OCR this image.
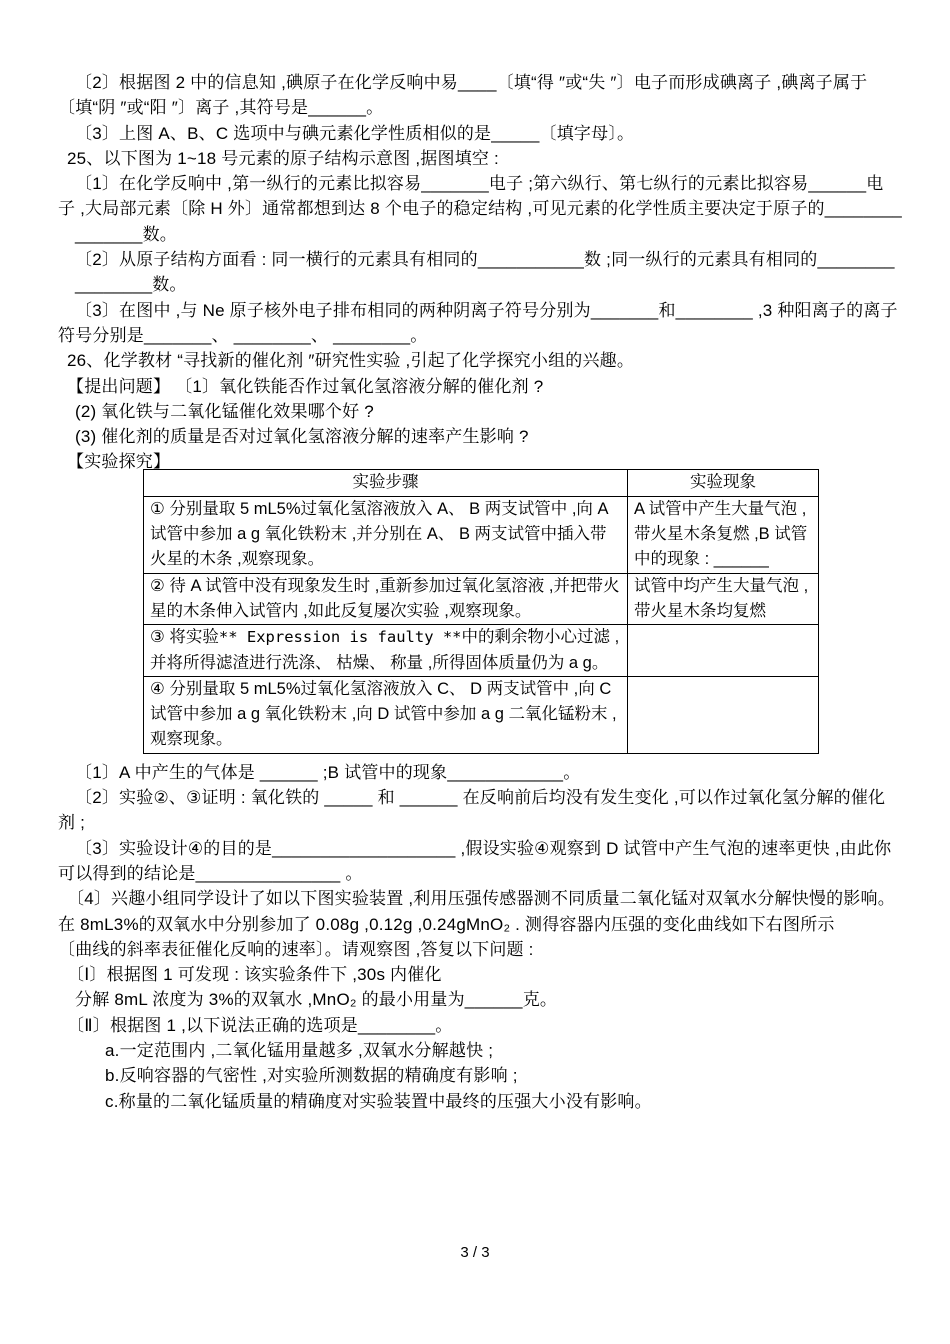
〔2〕根据图 2 中的信息知 ,碘原子在化学反响中易____〔填“得 ″或“失 ″〕电子而形成碘离子 ,碘离子属于
〔填“阴 ″或“阳 ″〕离子 ,其符号是______。
〔3〕上图 A、B、C 选项中与碘元素化学性质相似的是_____〔填字母〕。
25、以下图为 1~18 号元素的原子结构示意图 ,据图填空 :
〔1〕在化学反响中 ,第一纵行的元素比拟容易_______电子 ;第六纵行、第七纵行的元素比拟容易______电
子 ,大局部元素〔除 H 外〕通常都想到达 8 个电子的稳定结构 ,可见元素的化学性质主要决定于原子的________
_______数。
〔2〕从原子结构方面看 : 同一横行的元素具有相同的___________数 ;同一纵行的元素具有相同的________
________数。
〔3〕在图中 ,与 Ne 原子核外电子排布相同的两种阴离子符号分别为_______和________ ,3 种阳离子的离子
符号分别是_______、 ________、 ________。
26、化学教材 “寻找新的催化剂 ″研究性实验 ,引起了化学探究小组的兴趣。
【提出问题】 〔1〕氧化铁能否作过氧化氢溶液分解的催化剂 ?
(2) 氧化铁与二氧化锰催化效果哪个好 ?
(3) 催化剂的质量是否对过氧化氢溶液分解的速率产生影响 ?
【实验探究】
实验步骤	实验现象
① 分别量取 5 mL5%过氧化氢溶液放入 A、 B 两支试管中 ,向 A 试管中参加 a g 氧化铁粉末 ,并分别在 A、 B 两支试管中插入带火星的木条 ,观察现象。	A 试管中产生大量气泡 ,带火星木条复燃 ,B 试管中的现象 : ______
② 待 A 试管中没有现象发生时 ,重新参加过氧化氢溶液 ,并把带火星的木条伸入试管内 ,如此反复屡次实验 ,观察现象。	试管中均产生大量气泡 ,带火星木条均复燃
③ 将实验** Expression is faulty **中的剩余物小心过滤 ,并将所得滤渣进行洗涤、 枯燥、 称量 ,所得固体质量仍为 a g。	
④ 分别量取 5 mL5%过氧化氢溶液放入 C、 D 两支试管中 ,向 C 试管中参加 a g 氧化铁粉末 ,向 D 试管中参加 a g 二氧化锰粉末 ,观察现象。	
〔1〕A 中产生的气体是 ______ ;B 试管中的现象____________。
〔2〕实验②、③证明 : 氧化铁的 _____ 和 ______ 在反响前后均没有发生变化 ,可以作过氧化氢分解的催化
剂 ;
〔3〕实验设计④的目的是___________________ ,假设实验④观察到 D 试管中产生气泡的速率更快 ,由此你
可以得到的结论是_______________ 。
〔4〕兴趣小组同学设计了如以下图实验装置 ,利用压强传感器测不同质量二氧化锰对双氧水分解快慢的影响。
在 8mL3%的双氧水中分别参加了 0.08g ,0.12g ,0.24gMnO₂ . 测得容器内压强的变化曲线如下右图所示
〔曲线的斜率表征催化反响的速率〕。请观察图 ,答复以下问题 :
〔Ⅰ〕根据图 1 可发现 : 该实验条件下 ,30s 内催化
分解 8mL 浓度为 3%的双氧水 ,MnO₂ 的最小用量为______克。
〔Ⅱ〕根据图 1 ,以下说法正确的选项是________。
a.一定范围内 ,二氧化锰用量越多 ,双氧水分解越快 ;
b.反响容器的气密性 ,对实验所测数据的精确度有影响 ;
c.称量的二氧化锰质量的精确度对实验装置中最终的压强大小没有影响。
3 / 3
